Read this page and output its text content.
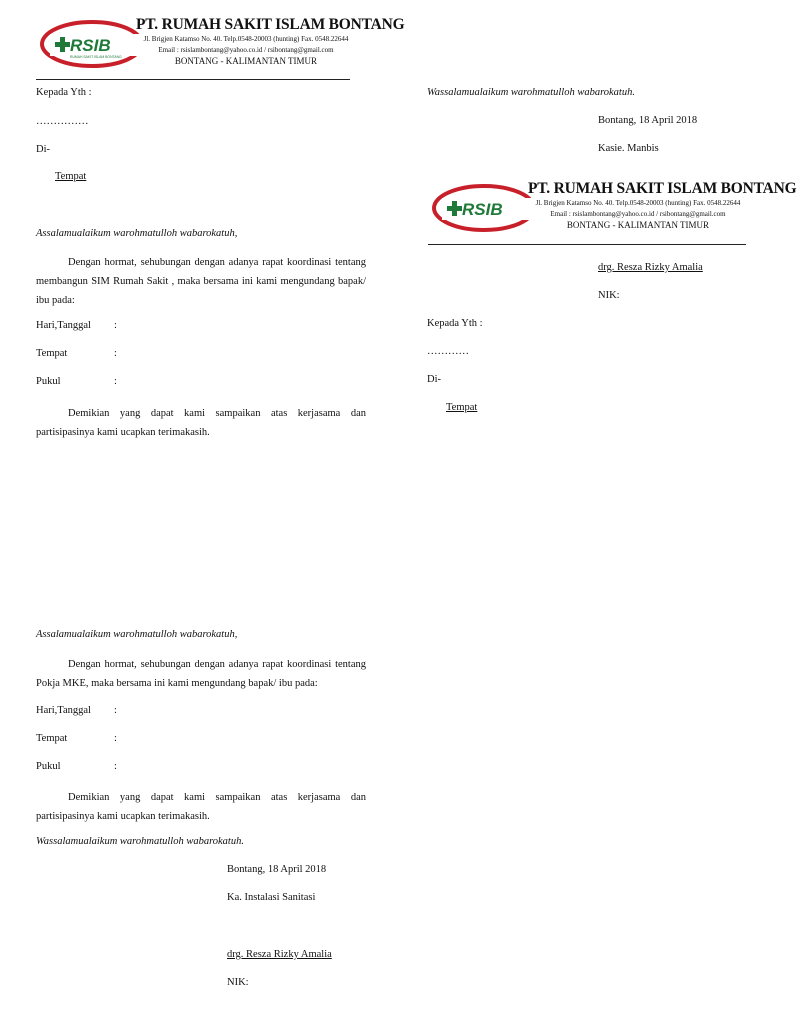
RSIB
RUMAH SAKIT ISLAM BONTANG
PT. RUMAH SAKIT ISLAM BONTANG
Jl. Brigjen Katamso No. 40. Telp.0548-20003 (hunting) Fax. 0548.22644
Email : rsislambontang@yahoo.co.id / rsibontang@gmail.com
BONTANG - KALIMANTAN TIMUR
Kepada Yth :
……………
Di-
Tempat
Assalamualaikum warohmatulloh wabarokatuh,
Dengan hormat, sehubungan dengan adanya rapat koordinasi tentang membangun SIM Rumah Sakit , maka bersama ini kami mengundang bapak/ ibu pada:
Hari,Tanggal :
Tempat	:
Pukul	:
Demikian yang dapat kami sampaikan atas kerjasama dan partisipasinya kami ucapkan terimakasih.
Assalamualaikum warohmatulloh wabarokatuh,
Dengan hormat, sehubungan dengan adanya rapat koordinasi tentang Pokja MKE, maka bersama ini kami mengundang bapak/ ibu pada:
Hari,Tanggal :
Tempat	:
Pukul	:
Demikian yang dapat kami sampaikan atas kerjasama dan partisipasinya kami ucapkan terimakasih.
Wassalamualaikum warohmatulloh wabarokatuh.
Bontang, 18 April 2018
Ka. Instalasi Sanitasi
drg. Resza Rizky Amalia
NIK:
Wassalamualaikum warohmatulloh wabarokatuh.
Bontang, 18 April 2018
Kasie. Manbis
RSIB
PT. RUMAH SAKIT ISLAM BONTANG
Jl. Brigjen Katamso No. 40. Telp.0548-20003 (hunting) Fax. 0548.22644
Email : rsislambontang@yahoo.co.id / rsibontang@gmail.com
BONTANG - KALIMANTAN TIMUR
drg. Resza Rizky Amalia
NIK:
Kepada Yth :
…………
Di-
Tempat
